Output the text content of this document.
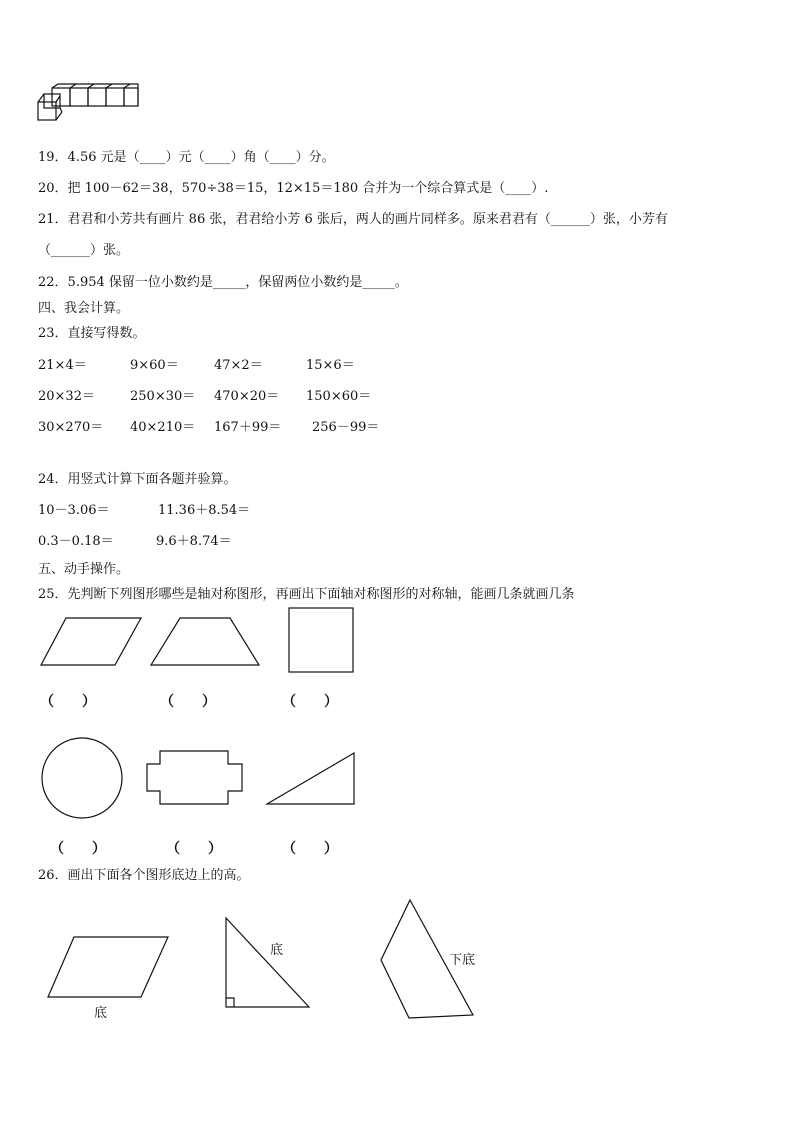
19．4.56 元是（____）元（____）角（____）分。
20．把 100－62＝38，570÷38＝15，12×15＝180 合并为一个综合算式是（____）.
21．君君和小芳共有画片 86 张，君君给小芳 6 张后，两人的画片同样多。原来君君有（______）张，小芳有
（______）张。
22．5.954 保留一位小数约是_____，保留两位小数约是_____。
四、我会计算。
23．直接写得数。
21×4＝	9×60＝	47×2＝	15×6＝
20×32＝	250×30＝ 470×20＝ 150×60＝
30×270＝ 40×210＝ 167＋99＝ 256－99＝
24．用竖式计算下面各题并验算。
10－3.06＝	11.36＋8.54＝
0.3－0.18＝	9.6＋8.74＝
五、动手操作。
25．先判断下列图形哪些是轴对称图形，再画出下面轴对称图形的对称轴，能画几条就画几条
（　　）	（　　）	（　　）
（　　）	（　　）	（　　）
26．画出下面各个图形底边上的高。
底
底
下底
